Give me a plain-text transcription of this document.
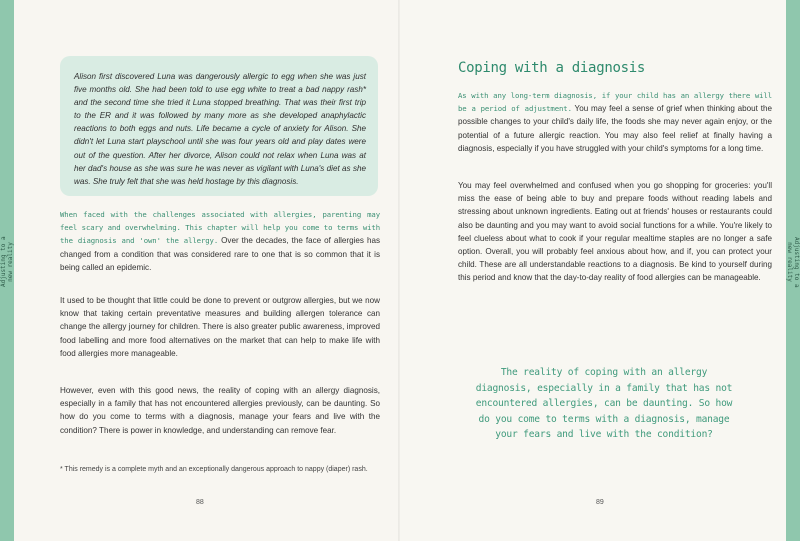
Adjusting to a
new reality	Adjusting to a
new reality

Alison first discovered Luna was dangerously allergic to egg when she was just five months old. She had been told to use egg white to treat a bad nappy rash* and the second time she tried it Luna stopped breathing. That was their first trip to the ER and it was followed by many more as she developed anaphylactic reactions to both eggs and nuts. Life became a cycle of anxiety for Alison. She didn't let Luna start playschool until she was four years old and play dates were out of the question. After her divorce, Alison could not relax when Luna was at her dad's house as she was sure he was never as vigilant with Luna's diet as she was. She truly felt that she was held hostage by this diagnosis.

When faced with the challenges associated with allergies, parenting may feel scary and overwhelming. This chapter will help you come to terms with the diagnosis and 'own' the allergy. Over the decades, the face of allergies has changed from a condition that was considered rare to one that is so common that it is being called an epidemic.

It used to be thought that little could be done to prevent or outgrow allergies, but we now know that taking certain preventative measures and building allergen tolerance can change the allergy journey for children. There is also greater public awareness, improved food labelling and more food alternatives on the market that can help to make life with food allergies more manageable.

However, even with this good news, the reality of coping with an allergy diagnosis, especially in a family that has not encountered allergies previously, can be daunting. So how do you come to terms with a diagnosis, manage your fears and live with the condition? There is power in knowledge, and understanding can remove fear.

* This remedy is a complete myth and an exceptionally dangerous approach to nappy (diaper) rash.
88
Coping with a diagnosis

As with any long-term diagnosis, if your child has an allergy there will be a period of adjustment. You may feel a sense of grief when thinking about the possible changes to your child's daily life, the foods she may never again enjoy, or the potential of a future allergic reaction. You may also feel relief at finally having a diagnosis, especially if you have struggled with your child's symptoms for a long time.

You may feel overwhelmed and confused when you go shopping for groceries: you'll miss the ease of being able to buy and prepare foods without reading labels and stressing about unknown ingredients. Eating out at friends' houses or restaurants could also be daunting and you may want to avoid social functions for a while. You're likely to feel clueless about what to cook if your regular mealtime staples are no longer a safe option. Overall, you will probably feel anxious about how, and if, you can protect your child. These are all understandable reactions to a diagnosis. Be kind to yourself during this period and know that the day-to-day reality of food allergies can be manageable.

The reality of coping with an allergy diagnosis, especially in a family that has not encountered allergies, can be daunting. So how do you come to terms with a diagnosis, manage your fears and live with the condition?
89
